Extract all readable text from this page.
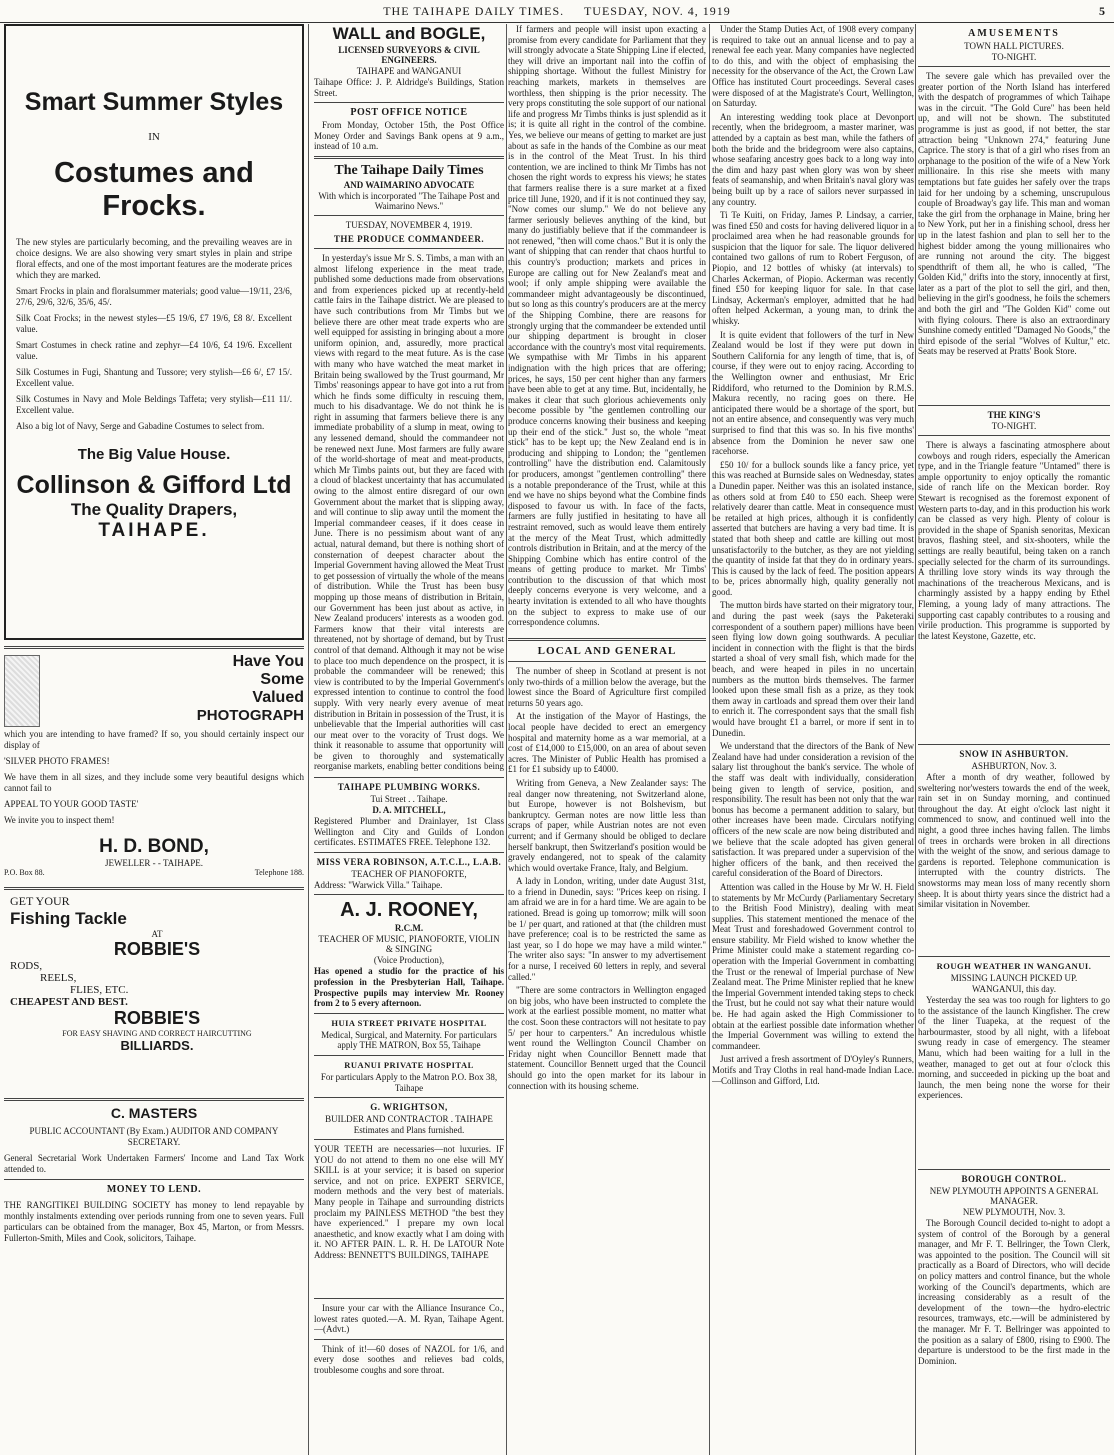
THE TAIHAPE DAILY TIMES. TUESDAY, NOV. 4, 1919	5
Smart Summer Styles
IN
Costumes and Frocks.

The new styles are particularly becoming, and the prevailing weaves are in choice designs. We are also showing very smart styles in plain and stripe floral effects, and one of the most important features are the moderate prices which they are marked.

Smart Frocks in plain and floralsummer materials; good value—19/11, 23/6, 27/6, 29/6, 32/6, 35/6, 45/.

Silk Coat Frocks; in the newest styles—£5 19/6, £7 19/6, £8 8/. Excellent value.

Smart Costumes in check ratine and zephyr—£4 10/6, £4 19/6. Excellent value.

Silk Costumes in Fugi, Shantung and Tussore; very stylish—£6 6/, £7 15/. Excellent value.

Silk Costumes in Navy and Mole Beldings Taffeta; very stylish—£11 11/. Excellent value.

Also a big lot of Navy, Serge and Gabadine Costumes to select from.

The Big Value House.
Collinson & Gifford Ltd
The Quality Drapers,
TAIHAPE.
Have You
Some
Valued
PHOTOGRAPH

which you are intending to have framed? If so, you should certainly inspect our display of

'SILVER PHOTO FRAMES!

We have them in all sizes, and they include some very beautiful designs which cannot fail to

APPEAL TO YOUR GOOD TASTE'

We invite you to inspect them!

H. D. BOND,
JEWELLER - - TAIHAPE.
P.O. Box 88.	Telephone 188.
GET YOUR
Fishing Tackle
AT
ROBBIE'S
RODS,
REELS,
FLIES, ETC.
CHEAPEST AND BEST.
ROBBIE'S
FOR EASY SHAVING AND CORRECT HAIRCUTTING
BILLIARDS.
C. MASTERS

PUBLIC ACCOUNTANT (By Exam.) AUDITOR AND COMPANY SECRETARY.

General Secretarial Work Undertaken Farmers' Income and Land Tax Work attended to.

MONEY TO LEND.

THE RANGITIKEI BUILDING SOCIETY has money to lend repayable by monthly instalments extending over periods running from one to seven years. Full particulars can be obtained from the manager, Box 45, Marton, or from Messrs. Fullerton-Smith, Miles and Cook, solicitors, Taihape.

WALL and BOGLE,
LICENSED SURVEYORS & CIVIL ENGINEERS.
TAIHAPE and WANGANUI

Taihape Office: J. P. Aldridge's Buildings, Station Street.

POST OFFICE NOTICE

From Monday, October 15th, the Post Office Money Order and Savings Bank opens at 9 a.m., instead of 10 a.m.

The Taihape Daily Times
AND WAIMARINO ADVOCATE
With which is incorporated "The Taihape Post and Waimarino News."
TUESDAY, NOVEMBER 4, 1919.
THE PRODUCE COMMANDEER.

In yesterday's issue Mr S. S. Timbs, a man with an almost lifelong experience in the meat trade, published some deductions made from observations and from experiences picked up at recently-held cattle fairs in the Taihape district. We are pleased to have such contributions from Mr Timbs but we believe there are other meat trade experts who are well equipped for assisting in bringing about a more uniform opinion, and, assuredly, more practical views with regard to the meat future. As is the case with many who have watched the meat market in Britain being swallowed by the Trust gourmand, Mr Timbs' reasonings appear to have got into a rut from which he finds some difficulty in rescuing them, much to his disadvantage. We do not think he is right in assuming that farmers believe there is any immediate probability of a slump in meat, owing to any lessened demand, should the commandeer not be renewed next June. Most farmers are fully aware of the world-shortage of meat and meat-products, which Mr Timbs paints out, but they are faced with a cloud of blackest uncertainty that has accumulated owing to the almost entire disregard of our own Government about the market that is slipping away, and will continue to slip away until the moment the Imperial commandeer ceases, if it does cease in June. There is no pessimism about want of any actual, natural demand, but there is nothing short of consternation of deepest character about the Imperial Government having allowed the Meat Trust to get possession of virtually the whole of the means of distribution. While the Trust has been busy mopping up those means of distribution in Britain, our Government has been just about as active, in New Zealand producers' interests as a wooden god. Farmers know that their vital interests are threatened, not by shortage of demand, but by Trust control of that demand. Although it may not be wise to place too much dependence on the prospect, it is probable the commandeer will be renewed; this view is contributed to by the Imperial Government's expressed intention to continue to control the food supply. With very nearly every avenue of meat distribution in Britain in possession of the Trust, it is unbelievable that the Imperial authorities will cast our meat over to the voracity of Trust dogs. We think it reasonable to assume that opportunity will be given to thoroughly and systematically reorganise markets, enabling better conditions being

TAIHAPE PLUMBING WORKS.
Tui Street . . Taihape.
D. A. MITCHELL,

Registered Plumber and Drainlayer, 1st Class Wellington and City and Guilds of London certificates. ESTIMATES FREE. Telephone 132.

MISS VERA ROBINSON, A.T.C.L., L.A.B.
TEACHER OF PIANOFORTE,

Address: "Warwick Villa." Taihape.

A. J. ROONEY,
R.C.M.
TEACHER OF MUSIC, PIANOFORTE, VIOLIN & SINGING
(Voice Production),

Has opened a studio for the practice of his profession in the Presbyterian Hall, Taihape. Prospective pupils may interview Mr. Rooney from 2 to 5 every afternoon.

HUIA STREET PRIVATE HOSPITAL

Medical, Surgical, and Maternity. For particulars apply THE MATRON, Box 55, Taihape

RUANUI PRIVATE HOSPITAL

For particulars Apply to the Matron P.O. Box 38, Taihape

G. WRIGHTSON,
BUILDER AND CONTRACTOR . TAIHAPE
Estimates and Plans furnished.

YOUR TEETH are necessaries—not luxuries. IF YOU do not attend to them no one else will MY SKILL is at your service; it is based on superior service, and not on price. EXPERT SERVICE, modern methods and the very best of materials. Many people in Taihape and surrounding districts proclaim my PAINLESS METHOD "the best they have experienced." I prepare my own local anaesthetic, and know exactly what I am doing with it. NO AFTER PAIN. L. R. H. De LATOUR Note Address: BENNETT'S BUILDINGS, TAIHAPE

Insure your car with the Alliance Insurance Co., lowest rates quoted.—A. M. Ryan, Taihape Agent.—(Advt.)

Think of it!—60 doses of NAZOL for 1/6, and every dose soothes and relieves bad colds, troublesome coughs and sore throat.

If farmers and people will insist upon exacting a promise from every candidate for Parliament that they will strongly advocate a State Shipping Line if elected, they will drive an important nail into the coffin of shipping shortage. Without the fullest Ministry for reaching markets, markets in themselves are worthless, then shipping is the prior necessity. The very props constituting the sole support of our national life and progress Mr Timbs thinks is just splendid as it is; it is quite all right in the control of the combine. Yes, we believe our means of getting to market are just about as safe in the hands of the Combine as our meat is in the control of the Meat Trust. In his third contention, we are inclined to think Mr Timbs has not chosen the right words to express his views; he states that farmers realise there is a sure market at a fixed price till June, 1920, and if it is not continued they say, "Now comes our slump." We do not believe any farmer seriously believes anything of the kind, but many do justifiably believe that if the commandeer is not renewed, "then will come chaos." But it is only the want of shipping that can render that chaos hurtful to this country's production; markets and prices in Europe are calling out for New Zealand's meat and wool; if only ample shipping were available the commandeer might advantageously be discontinued, but so long as this country's producers are at the mercy of the Shipping Combine, there are reasons for strongly urging that the commandeer be extended until our shipping department is brought in closer accordance with the country's most vital requirements. We sympathise with Mr Timbs in his apparent indignation with the high prices that are offering; prices, he says, 150 per cent higher than any farmers have been able to get at any time. But, incidentally, he makes it clear that such glorious achievements only become possible by "the gentlemen controlling our produce concerns knowing their business and keeping up their end of the stick." Just so, the whole "meat stick" has to be kept up; the New Zealand end is in producing and shipping to London; the "gentlemen controlling" have the distribution end. Calamitously for producers, amongst "gentlemen controlling" there is a notable preponderance of the Trust, while at this end we have no ships beyond what the Combine finds disposed to favour us with. In face of the facts, farmers are fully justified in hesitating to have all restraint removed, such as would leave them entirely at the mercy of the Meat Trust, which admittedly controls distribution in Britain, and at the mercy of the Shipping Combine which has entire control of the means of getting produce to market. Mr Timbs' contribution to the discussion of that which most deeply concerns everyone is very welcome, and a hearty invitation is extended to all who have thoughts on the subject to express to make use of our correspondence columns.

LOCAL AND GENERAL

The number of sheep in Scotland at present is not only two-thirds of a million below the average, but the lowest since the Board of Agriculture first compiled returns 50 years ago.

At the instigation of the Mayor of Hastings, the local people have decided to erect an emergency hospital and maternity home as a war memorial, at a cost of £14,000 to £15,000, on an area of about seven acres. The Minister of Public Health has promised a £1 for £1 subsidy up to £4000.

Writing from Geneva, a New Zealander says: The real danger now threatening, not Switzerland alone, but Europe, however is not Bolshevism, but bankruptcy. German notes are now little less than scraps of paper, while Austrian notes are not even current; and if Germany should be obliged to declare herself bankrupt, then Switzerland's position would be gravely endangered, not to speak of the calamity which would overtake France, Italy, and Belgium.

A lady in London, writing, under date August 31st, to a friend in Dunedin, says: "Prices keep on rising. I am afraid we are in for a hard time. We are again to be rationed. Bread is going up tomorrow; milk will soon be 1/ per quart, and rationed at that (the children must have preference; coal is to be restricted the same as last year, so I do hope we may have a mild winter." The writer also says: "In answer to my advertisement for a nurse, I received 60 letters in reply, and several called."

"There are some contractors in Wellington engaged on big jobs, who have been instructed to complete the work at the earliest possible moment, no matter what the cost. Soon these contractors will not hesitate to pay 5/ per hour to carpenters." An incredulous whistle went round the Wellington Council Chamber on Friday night when Councillor Bennett made that statement. Councillor Bennett urged that the Council should go into the open market for its labour in connection with its housing scheme.

Under the Stamp Duties Act, of 1908 every company is required to take out an annual license and to pay a renewal fee each year. Many companies have neglected to do this, and with the object of emphasising the necessity for the observance of the Act, the Crown Law Office has instituted Court proceedings. Several cases were disposed of at the Magistrate's Court, Wellington, on Saturday.

An interesting wedding took place at Devonport recently, when the bridegroom, a master mariner, was attended by a captain as best man, while the fathers of both the bride and the bridegroom were also captains, whose seafaring ancestry goes back to a long way into the dim and hazy past when glory was won by sheer feats of seamanship, and when Britain's naval glory was being built up by a race of sailors never surpassed in any country.

Ti Te Kuiti, on Friday, James P. Lindsay, a carrier, was fined £50 and costs for having delivered liquor in a proclaimed area when he had reasonable grounds for suspicion that the liquor for sale. The liquor delivered contained two gallons of rum to Robert Ferguson, of Piopio, and 12 bottles of whisky (at intervals) to Charles Ackerman, of Piopio. Ackerman was recently fined £50 for keeping liquor for sale. In that case Lindsay, Ackerman's employer, admitted that he had often helped Ackerman, a young man, to drink the whisky.

It is quite evident that followers of the turf in New Zealand would be lost if they were put down in Southern California for any length of time, that is, of course, if they were out to enjoy racing. According to the Wellington owner and enthusiast, Mr Eric Riddiford, who returned to the Dominion by R.M.S. Makura recently, no racing goes on there. He anticipated there would be a shortage of the sport, but not an entire absence, and consequently was very much surprised to find that this was so. In his five months' absence from the Dominion he never saw one racehorse.

£50 10/ for a bullock sounds like a fancy price, yet this was reached at Burnside sales on Wednesday, states a Dunedin paper. Neither was this an isolated instance, as others sold at from £40 to £50 each. Sheep were relatively dearer than cattle. Meat in consequence must be retailed at high prices, although it is confidently asserted that butchers are having a very bad time. It is stated that both sheep and cattle are killing out most unsatisfactorily to the butcher, as they are not yielding the quantity of inside fat that they do in ordinary years. This is caused by the lack of feed. The position appears to be, prices abnormally high, quality generally not good.

The mutton birds have started on their migratory tour, and during the past week (says the Paketeraki correspondent of a southern paper) millions have been seen flying low down going southwards. A peculiar incident in connection with the flight is that the birds started a shoal of very small fish, which made for the beach, and were heaped in piles in no uncertain numbers as the mutton birds themselves. The farmer looked upon these small fish as a prize, as they took them away in cartloads and spread them over their land to enrich it. The correspondent says that the small fish would have brought £1 a barrel, or more if sent in to Dunedin.

We understand that the directors of the Bank of New Zealand have had under consideration a revision of the salary list throughout the bank's service. The whole of the staff was dealt with individually, consideration being given to length of service, position, and responsibility. The result has been not only that the war bonus has become a permanent addition to salary, but other increases have been made. Circulars notifying officers of the new scale are now being distributed and we believe that the scale adopted has given general satisfaction. It was prepared under a supervision of the higher officers of the bank, and then received the careful consideration of the Board of Directors.

Attention was called in the House by Mr W. H. Field to statements by Mr McCurdy (Parliamentary Secretary to the British Food Ministry), dealing with meat supplies. This statement mentioned the menace of the Meat Trust and foreshadowed Government control to ensure stability. Mr Field wished to know whether the Prime Minister could make a statement regarding co-operation with the Imperial Government in combatting the Trust or the renewal of Imperial purchase of New Zealand meat. The Prime Minister replied that he knew the Imperial Government intended taking steps to check the Trust, but he could not say what their nature would be. He had again asked the High Commissioner to obtain at the earliest possible date information whether the Imperial Government was willing to extend the commandeer.

Just arrived a fresh assortment of D'Oyley's Runners, Motifs and Tray Cloths in real hand-made Indian Lace.—Collinson and Gifford, Ltd.

AMUSEMENTS
TOWN HALL PICTURES.
TO-NIGHT.

The severe gale which has prevailed over the greater portion of the North Island has interfered with the despatch of programmes of which Taihape was in the circuit. "The Gold Cure" has been held up, and will not be shown. The substituted programme is just as good, if not better, the star attraction being "Unknown 274," featuring June Caprice. The story is that of a girl who rises from an orphanage to the position of the wife of a New York millionaire. In this rise she meets with many temptations but fate guides her safely over the traps laid for her undoing by a scheming, unscrupulous couple of Broadway's gay life. This man and woman take the girl from the orphanage in Maine, bring her to New York, put her in a finishing school, dress her up in the latest fashion and plan to sell her to the highest bidder among the young millionaires who are running not around the city. The biggest spendthrift of them all, he who is called, "The Golden Kid," drifts into the story, innocently at first, later as a part of the plot to sell the girl, and then, believing in the girl's goodness, he foils the schemers and both the girl and "The Golden Kid" come out with flying colours. There is also an extraordinary Sunshine comedy entitled "Damaged No Goods," the third episode of the serial "Wolves of Kultur," etc. Seats may be reserved at Pratts' Book Store.

THE KING'S
TO-NIGHT.

There is always a fascinating atmosphere about cowboys and rough riders, especially the American type, and in the Triangle feature "Untamed" there is ample opportunity to enjoy optically the romantic side of ranch life on the Mexican border. Roy Stewart is recognised as the foremost exponent of Western parts to-day, and in this production his work can be classed as very high. Plenty of colour is provided in the shape of Spanish senoritas, Mexican bravos, flashing steel, and six-shooters, while the settings are really beautiful, being taken on a ranch specially selected for the charm of its surroundings. A thrilling love story winds its way through the machinations of the treacherous Mexicans, and is charmingly assisted by a happy ending by Ethel Fleming, a young lady of many attractions. The supporting cast capably contributes to a rousing and virile production. This programme is supported by the latest Keystone, Gazette, etc.

SNOW IN ASHBURTON.
ASHBURTON, Nov. 3.

After a month of dry weather, followed by sweltering nor'westers towards the end of the week, rain set in on Sunday morning, and continued throughout the day. At eight o'clock last night it commenced to snow, and continued well into the night, a good three inches having fallen. The limbs of trees in orchards were broken in all directions with the weight of the snow, and serious damage to gardens is reported. Telephone communication is interrupted with the country districts. The snowstorms may mean loss of many recently shorn sheep. It is about thirty years since the district had a similar visitation in November.

ROUGH WEATHER IN WANGANUI.
MISSING LAUNCH PICKED UP.
WANGANUI, this day.

Yesterday the sea was too rough for lighters to go to the assistance of the launch Kingfisher. The crew of the liner Tuapeka, at the request of the harbourmaster, stood by all night, with a lifeboat swung ready in case of emergency. The steamer Manu, which had been waiting for a lull in the weather, managed to get out at four o'clock this morning, and succeeded in picking up the boat and launch, the men being none the worse for their experiences.

BOROUGH CONTROL.
NEW PLYMOUTH APPOINTS A GENERAL MANAGER.
NEW PLYMOUTH, Nov. 3.

The Borough Council decided to-night to adopt a system of control of the Borough by a general manager, and Mr F. T. Bellringer, the Town Clerk, was appointed to the position. The Council will sit practically as a Board of Directors, who will decide on policy matters and control finance, but the whole working of the Council's departments, which are increasing considerably as a result of the development of the town—the hydro-electric resources, tramways, etc.—will be administered by the manager. Mr F. T. Bellringer was appointed to the position as a salary of £800, rising to £900. The departure is understood to be the first made in the Dominion.
